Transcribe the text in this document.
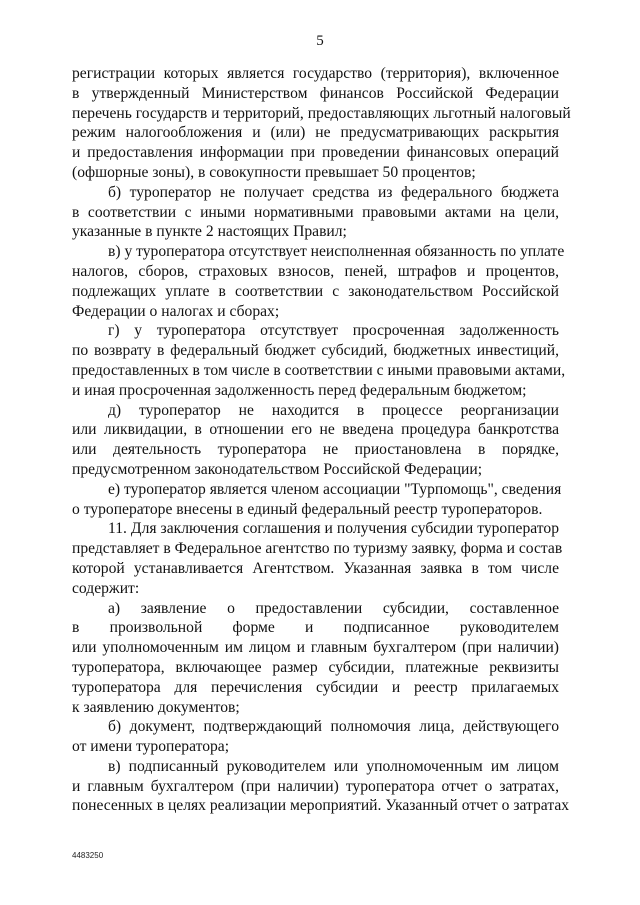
5
регистрации которых является государство (территория), включенное
в утвержденный Министерством финансов Российской Федерации
перечень государств и территорий, предоставляющих льготный налоговый
режим налогообложения и (или) не предусматривающих раскрытия
и предоставления информации при проведении финансовых операций
(офшорные зоны), в совокупности превышает 50 процентов;
б) туроператор не получает средства из федерального бюджета
в соответствии с иными нормативными правовыми актами на цели,
указанные в пункте 2 настоящих Правил;
в) у туроператора отсутствует неисполненная обязанность по уплате
налогов, сборов, страховых взносов, пеней, штрафов и процентов,
подлежащих уплате в соответствии с законодательством Российской
Федерации о налогах и сборах;
г) у туроператора отсутствует просроченная задолженность
по возврату в федеральный бюджет субсидий, бюджетных инвестиций,
предоставленных в том числе в соответствии с иными правовыми актами,
и иная просроченная задолженность перед федеральным бюджетом;
д) туроператор не находится в процессе реорганизации
или ликвидации, в отношении его не введена процедура банкротства
или деятельность туроператора не приостановлена в порядке,
предусмотренном законодательством Российской Федерации;
е) туроператор является членом ассоциации "Турпомощь", сведения
о туроператоре внесены в единый федеральный реестр туроператоров.
11. Для заключения соглашения и получения субсидии туроператор
представляет в Федеральное агентство по туризму заявку, форма и состав
которой устанавливается Агентством. Указанная заявка в том числе
содержит:
а) заявление о предоставлении субсидии, составленное
в произвольной форме и подписанное руководителем
или уполномоченным им лицом и главным бухгалтером (при наличии)
туроператора, включающее размер субсидии, платежные реквизиты
туроператора для перечисления субсидии и реестр прилагаемых
к заявлению документов;
б) документ, подтверждающий полномочия лица, действующего
от имени туроператора;
в) подписанный руководителем или уполномоченным им лицом
и главным бухгалтером (при наличии) туроператора отчет о затратах,
понесенных в целях реализации мероприятий. Указанный отчет о затратах
4483250
